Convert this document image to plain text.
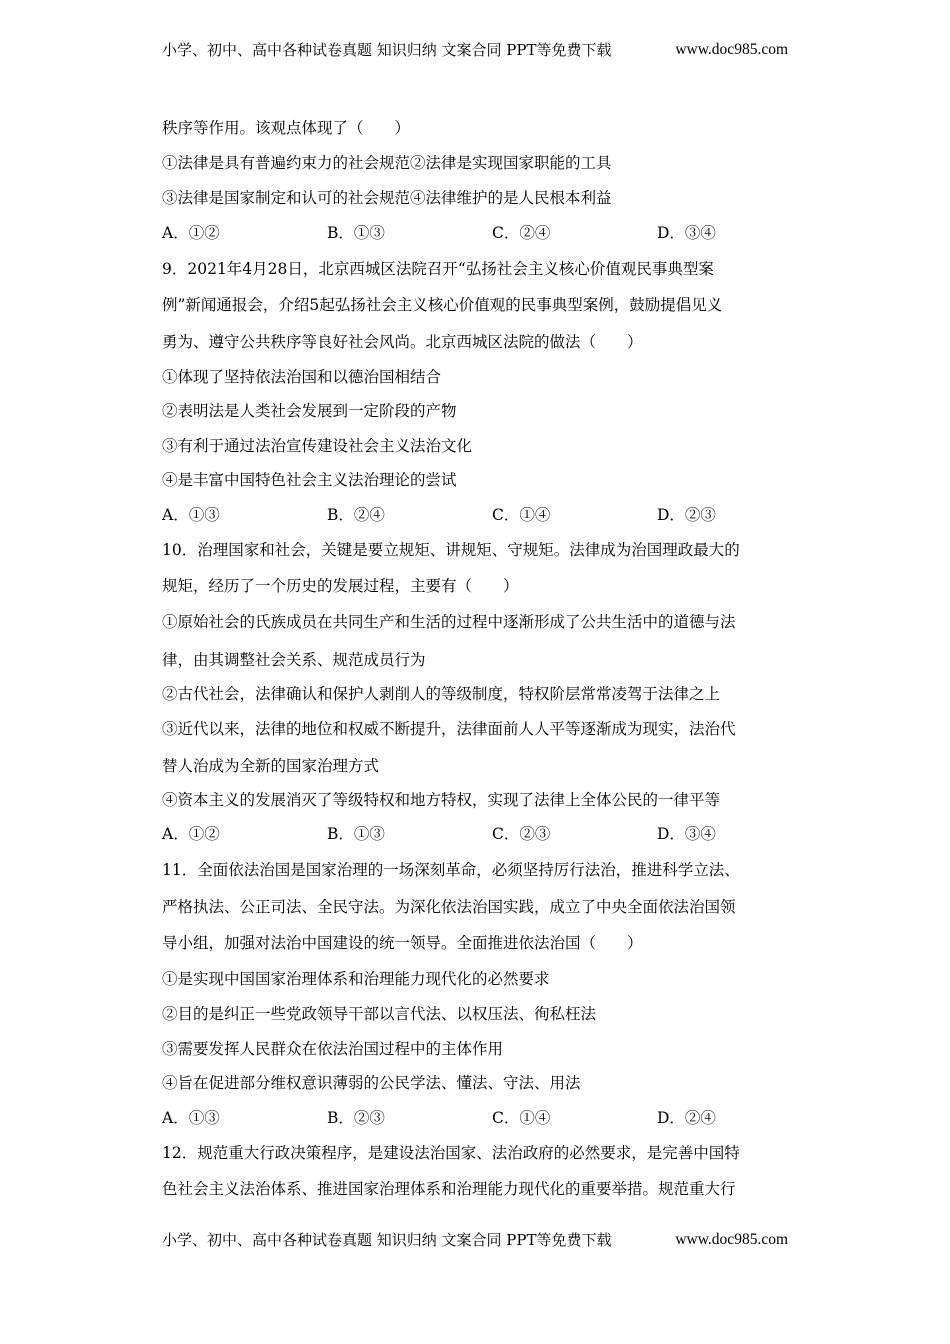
小学、初中、高中各种试卷真题 知识归纳 文案合同 PPT等免费下载	www.doc985.com
秩序等作用。该观点体现了（　　）
①法律是具有普遍约束力的社会规范②法律是实现国家职能的工具
③法律是国家制定和认可的社会规范④法律维护的是人民根本利益
A．①②	B．①③	C．②④	D．③④
9．2021年4月28日，北京西城区法院召开“弘扬社会主义核心价值观民事典型案
例”新闻通报会，介绍5起弘扬社会主义核心价值观的民事典型案例，鼓励提倡见义
勇为、遵守公共秩序等良好社会风尚。北京西城区法院的做法（　　）
①体现了坚持依法治国和以德治国相结合
②表明法是人类社会发展到一定阶段的产物
③有利于通过法治宣传建设社会主义法治文化
④是丰富中国特色社会主义法治理论的尝试
A．①③	B．②④	C．①④	D．②③
10．治理国家和社会，关键是要立规矩、讲规矩、守规矩。法律成为治国理政最大的
规矩，经历了一个历史的发展过程，主要有（　　）
①原始社会的氏族成员在共同生产和生活的过程中逐渐形成了公共生活中的道德与法
律，由其调整社会关系、规范成员行为
②古代社会，法律确认和保护人剥削人的等级制度，特权阶层常常凌驾于法律之上
③近代以来，法律的地位和权威不断提升，法律面前人人平等逐渐成为现实，法治代
替人治成为全新的国家治理方式
④资本主义的发展消灭了等级特权和地方特权，实现了法律上全体公民的一律平等
A．①②	B．①③	C．②③	D．③④
11．全面依法治国是国家治理的一场深刻革命，必须坚持厉行法治，推进科学立法、
严格执法、公正司法、全民守法。为深化依法治国实践，成立了中央全面依法治国领
导小组，加强对法治中国建设的统一领导。全面推进依法治国（　　）
①是实现中国国家治理体系和治理能力现代化的必然要求
②目的是纠正一些党政领导干部以言代法、以权压法、徇私枉法
③需要发挥人民群众在依法治国过程中的主体作用
④旨在促进部分维权意识薄弱的公民学法、懂法、守法、用法
A．①③	B．②③	C．①④	D．②④
12．规范重大行政决策程序，是建设法治国家、法治政府的必然要求，是完善中国特
色社会主义法治体系、推进国家治理体系和治理能力现代化的重要举措。规范重大行
小学、初中、高中各种试卷真题 知识归纳 文案合同 PPT等免费下载	www.doc985.com
